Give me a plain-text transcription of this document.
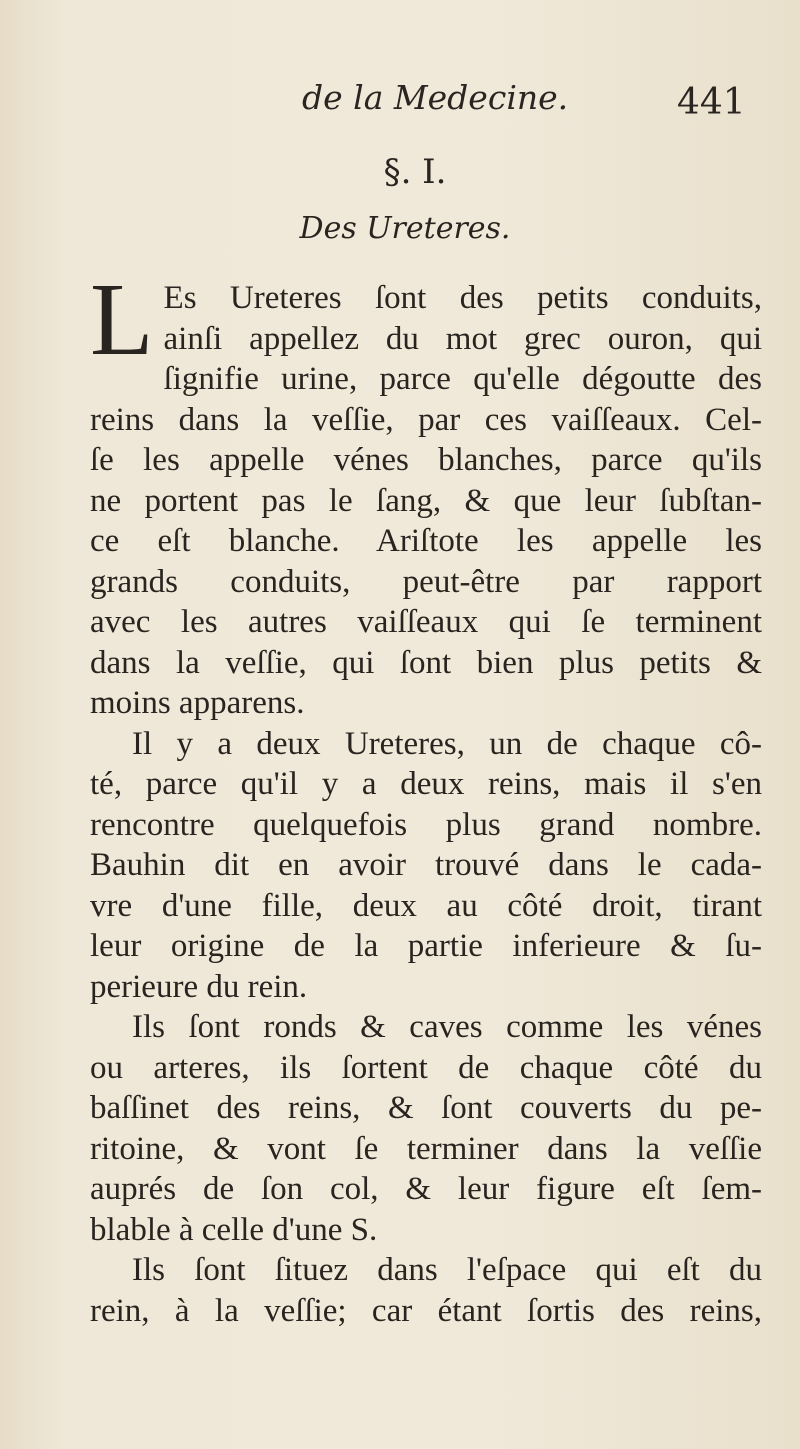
de la Medecine.	441
§. I.
Des Ureteres.

L Es Ureteres ſont des petits conduits,
ainſi appellez du mot grec ouron, qui
ſignifie urine, parce qu'elle dégoutte des
reins dans la veſſie, par ces vaiſſeaux. Cel-
ſe les appelle vénes blanches, parce qu'ils
ne portent pas le ſang, & que leur ſubſtan-
ce eſt blanche. Ariſtote les appelle les
grands conduits, peut-être par rapport
avec les autres vaiſſeaux qui ſe terminent
dans la veſſie, qui ſont bien plus petits &
moins apparens.

Il y a deux Ureteres, un de chaque cô-
té, parce qu'il y a deux reins, mais il s'en
rencontre quelquefois plus grand nombre.
Bauhin dit en avoir trouvé dans le cada-
vre d'une fille, deux au côté droit, tirant
leur origine de la partie inferieure & ſu-
perieure du rein.

Ils ſont ronds & caves comme les vénes
ou arteres, ils ſortent de chaque côté du
baſſinet des reins, & ſont couverts du pe-
ritoine, & vont ſe terminer dans la veſſie
auprés de ſon col, & leur figure eſt ſem-
blable à celle d'une S.

Ils ſont ſituez dans l'eſpace qui eſt du
rein, à la veſſie; car étant ſortis des reins,
